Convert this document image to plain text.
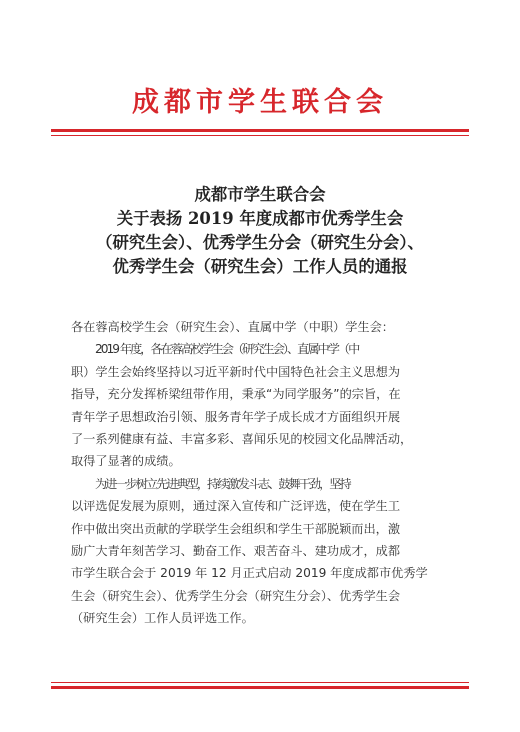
成都市学生联合会
成都市学生联合会
关于表扬 2019 年度成都市优秀学生会
（研究生会）、优秀学生分会（研究生分会）、
优秀学生会（研究生会）工作人员的通报
各在蓉高校学生会（研究生会）、直属中学（中职）学生会：
2019 年度，各在蓉高校学生会（研究生会）、直属中学（中
职）学生会始终坚持以习近平新时代中国特色社会主义思想为
指导，充分发挥桥梁纽带作用，秉承“为同学服务”的宗旨，在
青年学子思想政治引领、服务青年学子成长成才方面组织开展
了一系列健康有益、丰富多彩、喜闻乐见的校园文化品牌活动，
取得了显著的成绩。
为进一步树立先进典型，持续激发斗志、鼓舞干劲，坚持
以评选促发展为原则，通过深入宣传和广泛评选，使在学生工
作中做出突出贡献的学联学生会组织和学生干部脱颖而出，激
励广大青年刻苦学习、勤奋工作、艰苦奋斗、建功成才，成都
市学生联合会于 2019 年 12 月正式启动 2019 年度成都市优秀学
生会（研究生会）、优秀学生分会（研究生分会）、优秀学生会
（研究生会）工作人员评选工作。
